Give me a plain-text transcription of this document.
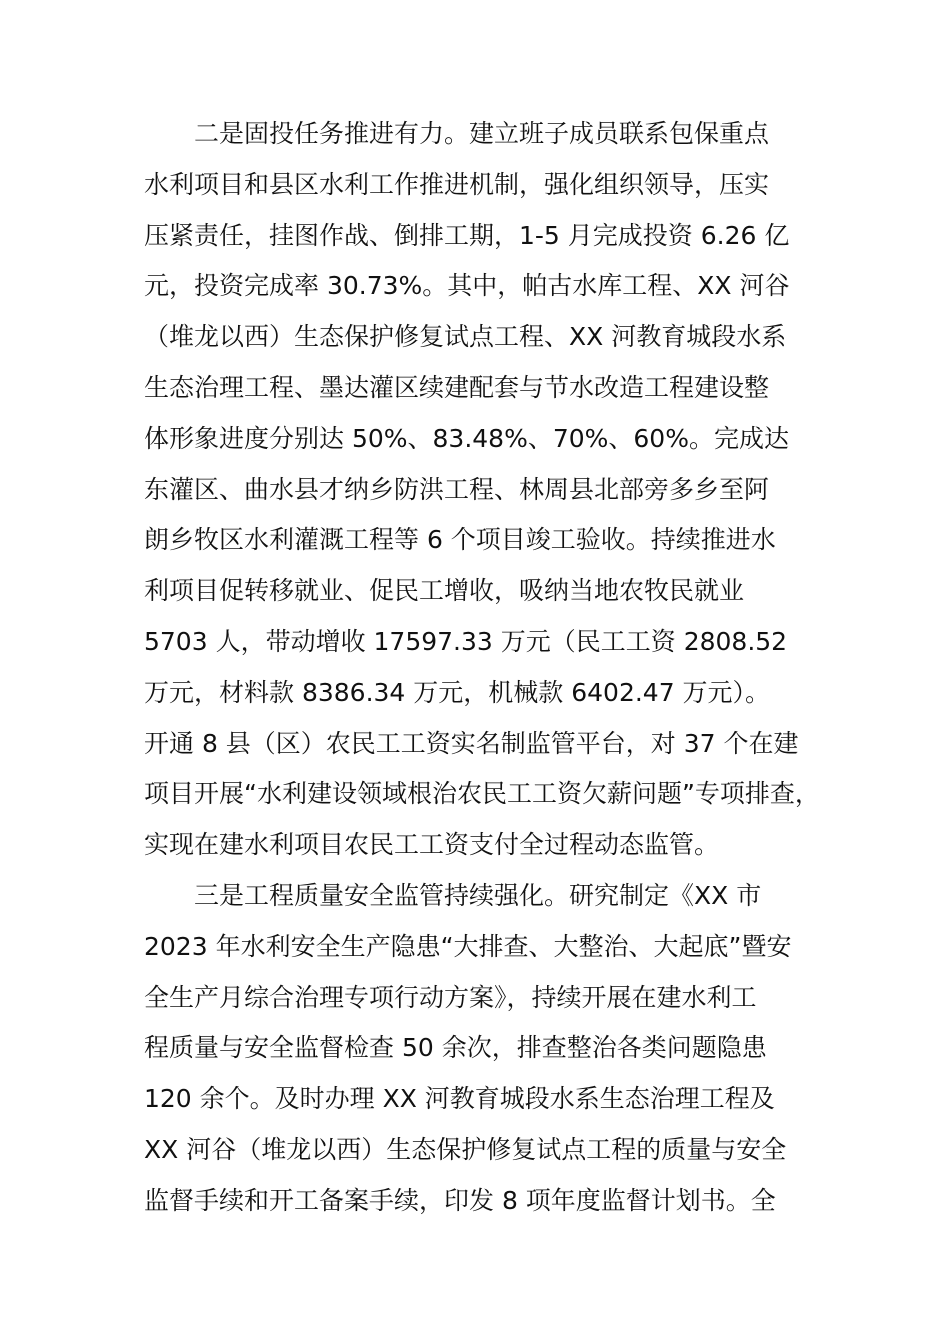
二是固投任务推进有力。建立班子成员联系包保重点
水利项目和县区水利工作推进机制，强化组织领导，压实
压紧责任，挂图作战、倒排工期，1-5 月完成投资 6.26 亿
元，投资完成率 30.73%。其中，帕古水库工程、XX 河谷
（堆龙以西）生态保护修复试点工程、XX 河教育城段水系
生态治理工程、墨达灌区续建配套与节水改造工程建设整
体形象进度分别达 50%、83.48%、70%、60%。完成达
东灌区、曲水县才纳乡防洪工程、林周县北部旁多乡至阿
朗乡牧区水利灌溉工程等 6 个项目竣工验收。持续推进水
利项目促转移就业、促民工增收，吸纳当地农牧民就业
5703 人，带动增收 17597.33 万元（民工工资 2808.52
万元，材料款 8386.34 万元，机械款 6402.47 万元）。
开通 8 县（区）农民工工资实名制监管平台，对 37 个在建
项目开展“水利建设领域根治农民工工资欠薪问题”专项排查，
实现在建水利项目农民工工资支付全过程动态监管。
三是工程质量安全监管持续强化。研究制定《XX 市
2023 年水利安全生产隐患“大排查、大整治、大起底”暨安
全生产月综合治理专项行动方案》，持续开展在建水利工
程质量与安全监督检查 50 余次，排查整治各类问题隐患
120 余个。及时办理 XX 河教育城段水系生态治理工程及
XX 河谷（堆龙以西）生态保护修复试点工程的质量与安全
监督手续和开工备案手续，印发 8 项年度监督计划书。全
